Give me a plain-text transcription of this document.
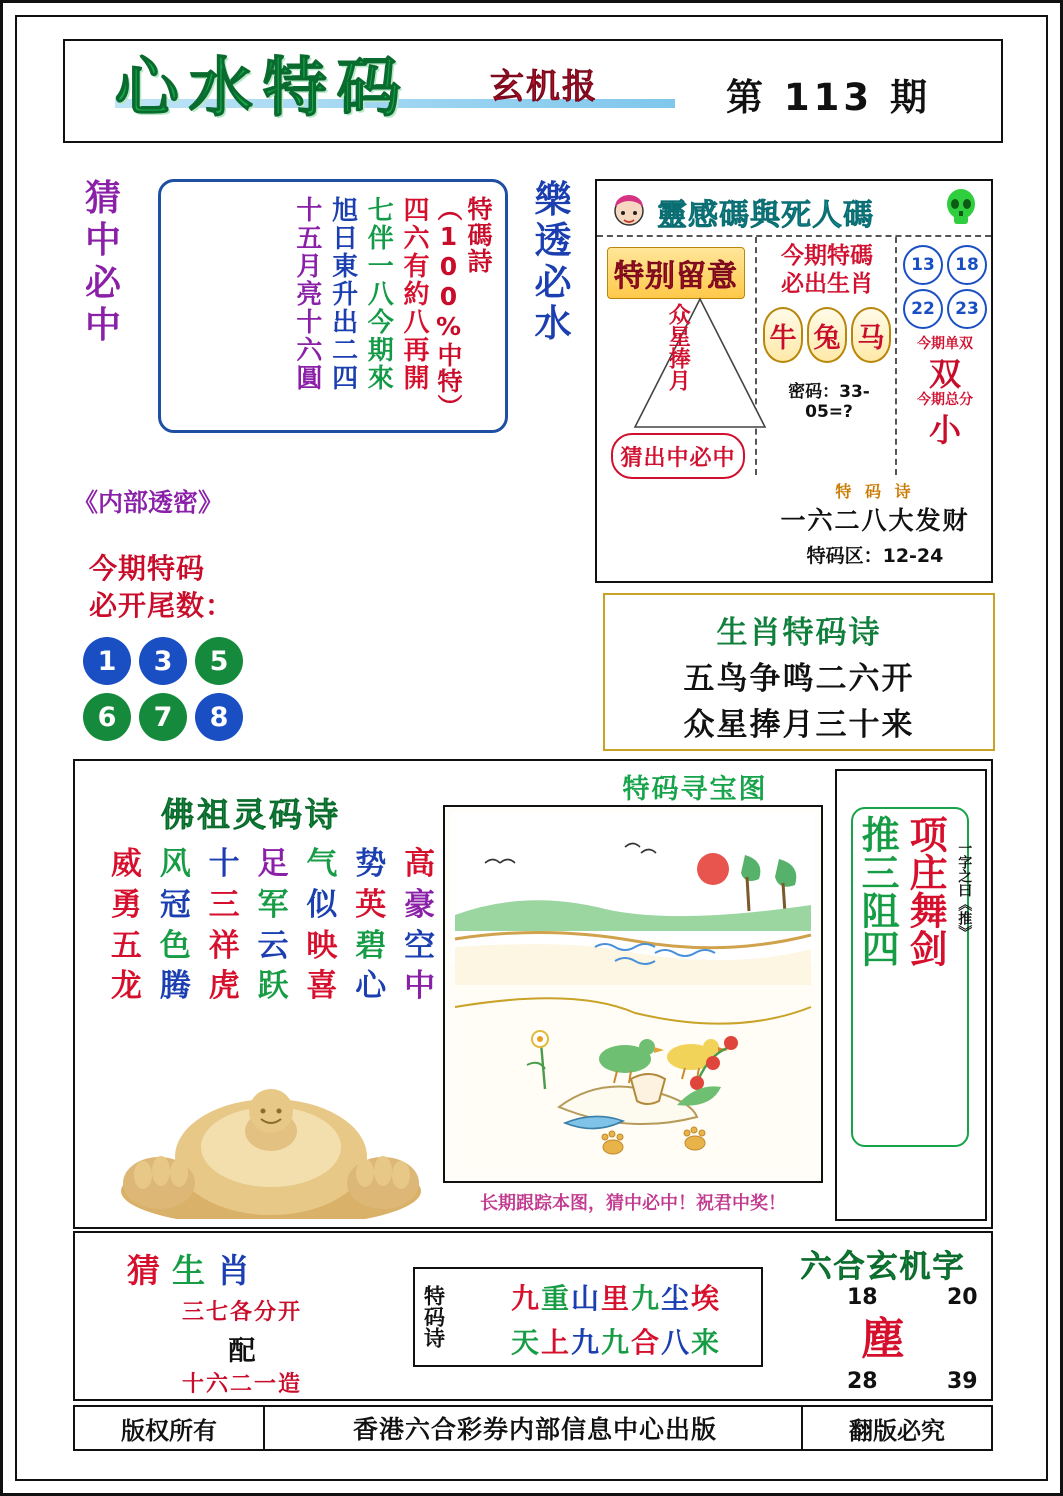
心水特码 玄机报	第 113 期
猜中必中
特碼詩（100%中特）
四六有約八再開
七伴一八今期來
旭日東升出二四
十五月亮十六圓	樂透必水
《内部透密》
今期特码
必开尾数：
1	3	5
6	7	8
靈感碼與死人碼
特别留意
众星捧月
猜出中必中
今期特碼
必出生肖
牛 兔 马
密码：33-05=?
13	18
22	23
今期单双
双
今期总分
小
特 码 诗
一六二八大发财
特码区：12-24
生肖特码诗
五鸟争鸣二六开
众星捧月三十来
佛祖灵码诗
威 风 十 足 气 势 高
勇 冠 三 军 似 英 豪
五 色 祥 云 映 碧 空
龙 腾 虎 跃 喜 心 中
特码寻宝图
长期跟踪本图，猜中必中！祝君中奖！
推三阻四 项庄舞剑 一字之曰《推》
猜生肖
三七各分开
配
十六二一造
特码诗	九重山里九尘埃
天上九九合八来
六合玄机字
18	20
塵
28	39
版权所有	香港六合彩券内部信息中心出版	翻版必究
